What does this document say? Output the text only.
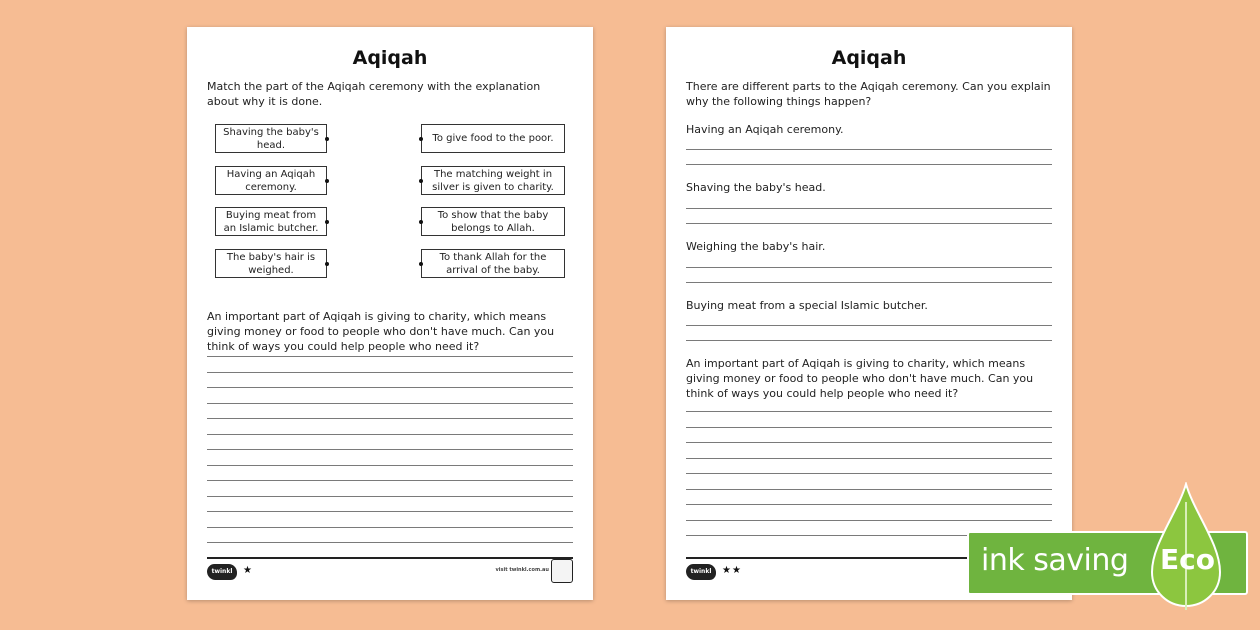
Aqiqah
Match the part of the Aqiqah ceremony with the explanation about why it is done.
Shaving the baby's head.
Having an Aqiqah ceremony.
Buying meat from an Islamic butcher.
The baby's hair is weighed.
To give food to the poor.
The matching weight in silver is given to charity.
To show that the baby belongs to Allah.
To thank Allah for the arrival of the baby.
An important part of Aqiqah is giving to charity, which means giving money or food to people who don't have much. Can you think of ways you could help people who need it?
twinkl	★	visit twinkl.com.au
Aqiqah
There are different parts to the Aqiqah ceremony. Can you explain why the following things happen?
Having an Aqiqah ceremony.
Shaving the baby's head.
Weighing the baby's hair.
Buying meat from a special Islamic butcher.
An important part of Aqiqah is giving to charity, which means giving money or food to people who don't have much. Can you think of ways you could help people who need it?
twinkl	★★	ink saving Eco
